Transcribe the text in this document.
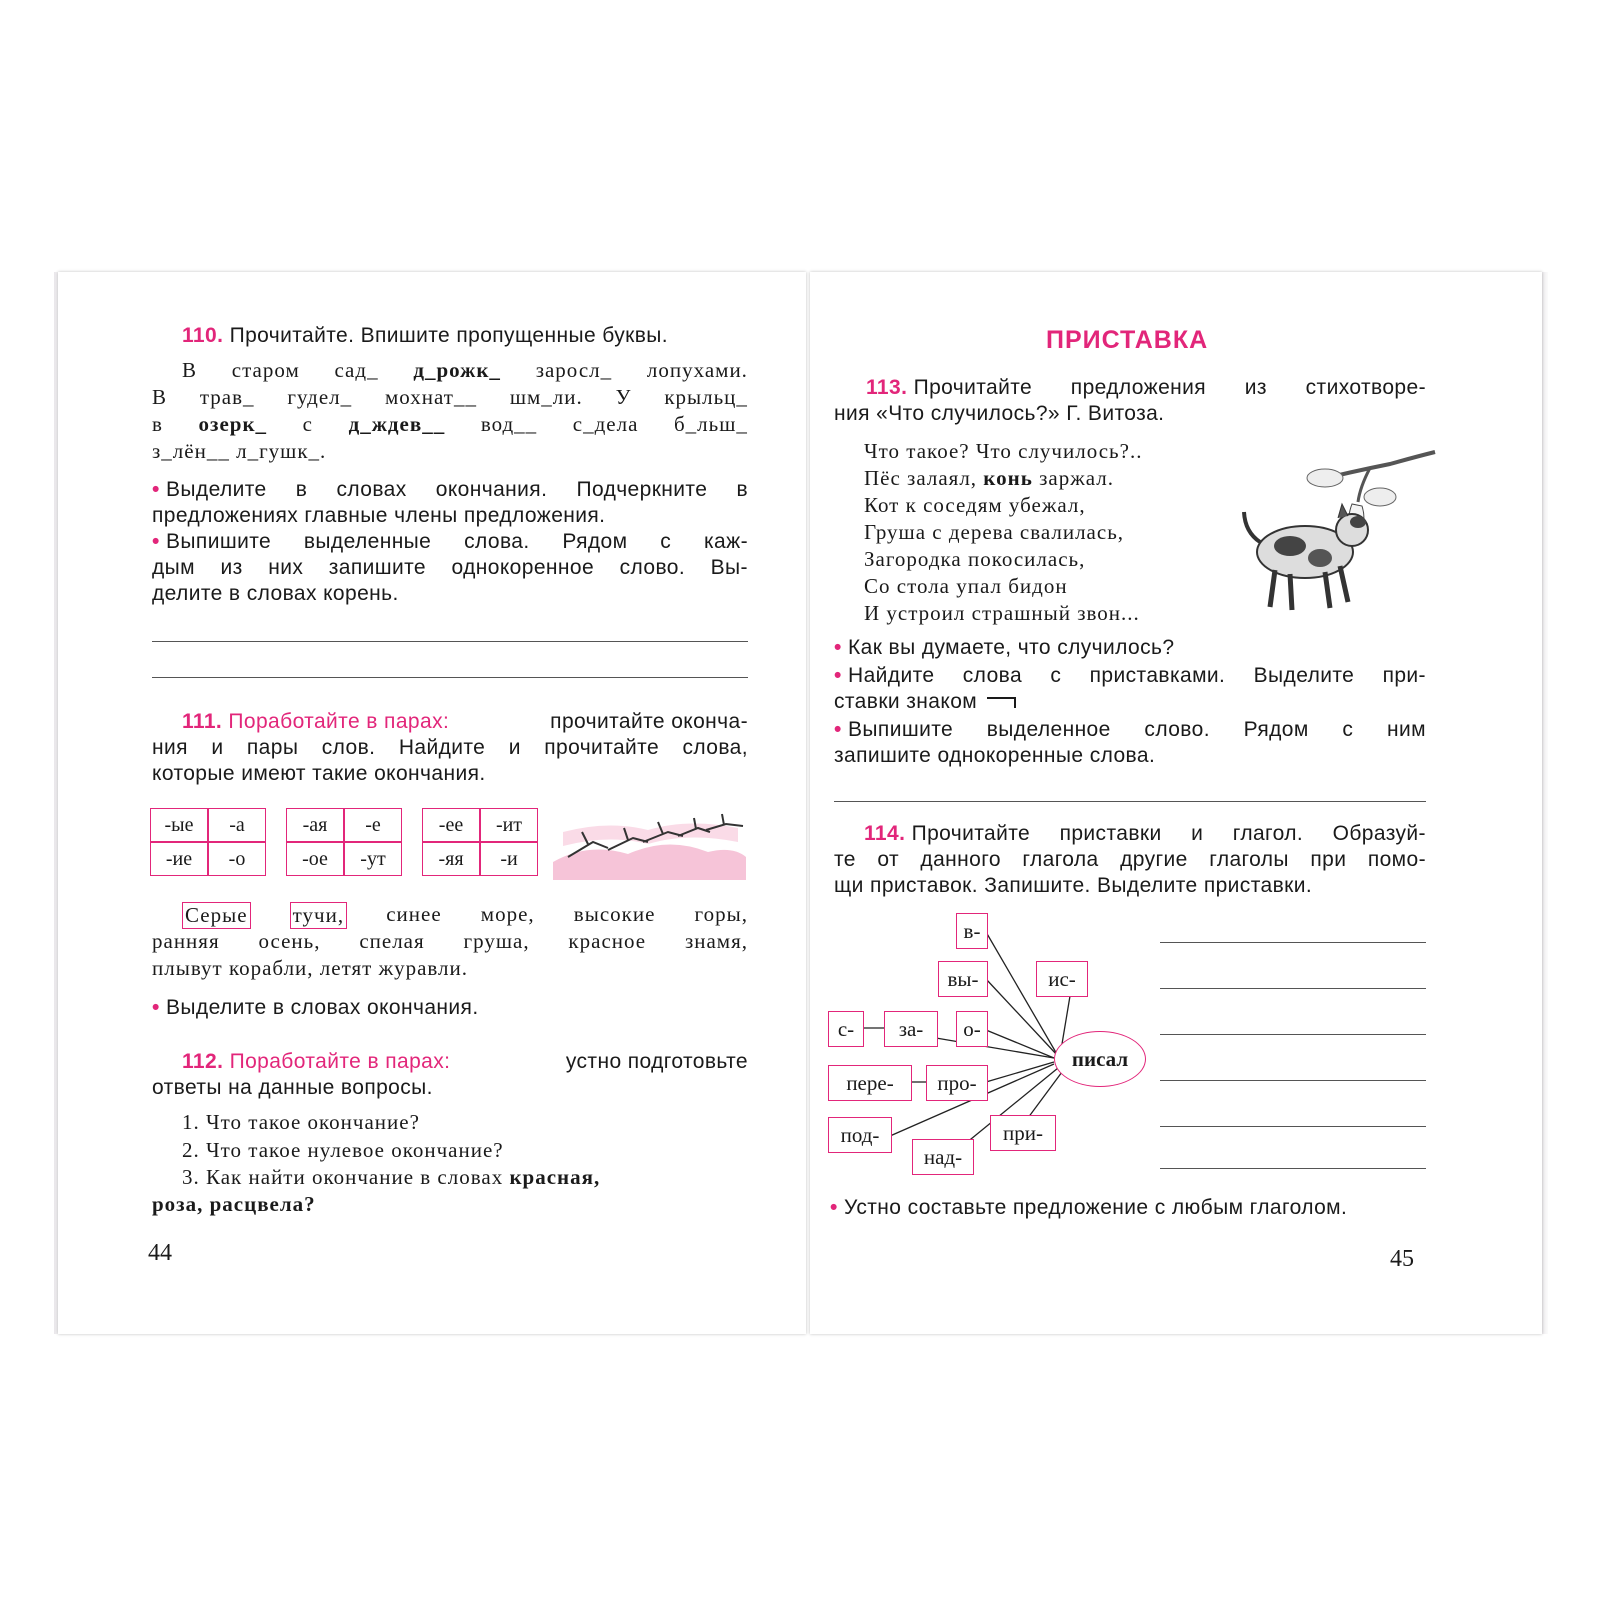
110. Прочитайте. Впишите пропущенные буквы.
В старом сад_ д_рожк_ заросл_ лопухами.
В трав_ гудел_ мохнат__ шм_ли. У крыльц_
в озерк_ с д_ждев__ вод__ с_дела б_льш_
з_лён__ л_гушк_.
• Выделите в словах окончания. Подчеркните в
предложениях главные члены предложения.
• Выпишите выделенные слова. Рядом с каж-
дым из них запишите однокоренное слово. Вы-
делите в словах корень.
111. Поработайте в парах:	прочитайте оконча-
ния и пары слов. Найдите и прочитайте слова,
которые имеют такие окончания.
-ые	-а
-ие	-о
-ая	-е
-ое	-ут
-ее	-ит
-яя	-и
Серые тучи, синее море, высокие горы,
ранняя осень, спелая груша, красное знамя,
плывут корабли, летят журавли.
• Выделите в словах окончания.
112. Поработайте в парах:	устно подготовьте
ответы на данные вопросы.
1. Что такое окончание?
2. Что такое нулевое окончание?
3. Как найти окончание в словах красная,
роза, расцвела?
44
ПРИСТАВКА
113. Прочитайте предложения из стихотворе-
ния «Что случилось?» Г. Витоза.
Что такое? Что случилось?..
Пёс залаял, конь заржал.
Кот к соседям убежал,
Груша с дерева свалилась,
Загородка покосилась,
Со стола упал бидон
И устроил страшный звон...
• Как вы думаете, что случилось?
• Найдите слова с приставками. Выделите при-
ставки знаком
• Выпишите выделенное слово. Рядом с ним
запишите однокоренные слова.
114. Прочитайте приставки и глагол. Образуй-
те от данного глагола другие глаголы при помо-
щи приставок. Запишите. Выделите приставки.
в-
вы-	ис-
с-	за-	о-
пере-	про-
под-	при-
над-
писал
• Устно составьте предложение с любым глаголом.
45
